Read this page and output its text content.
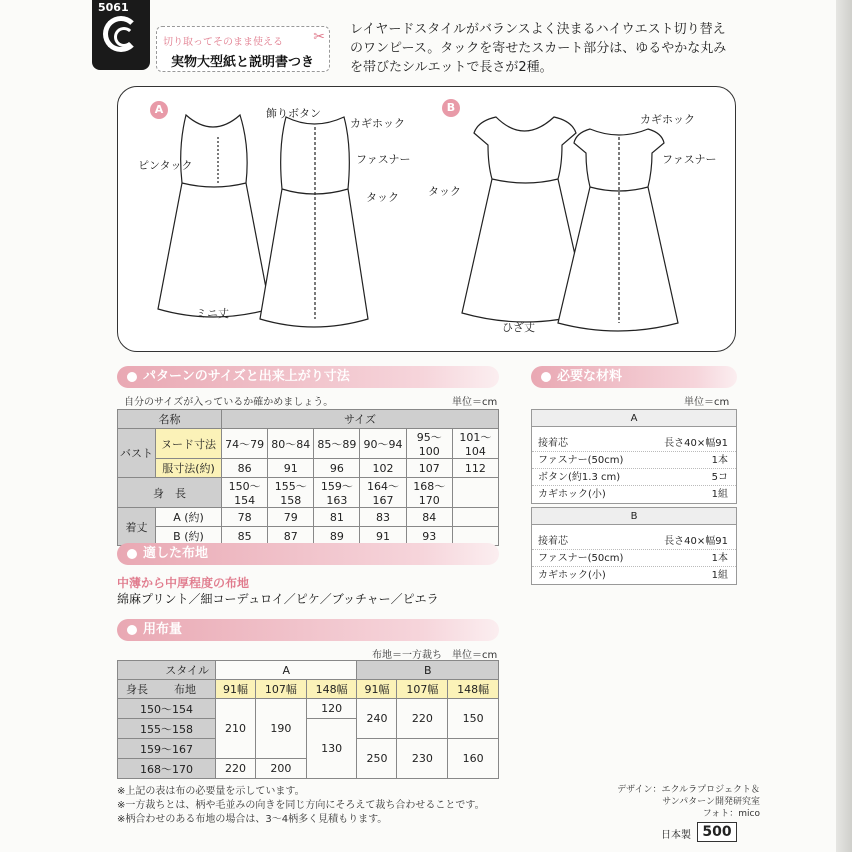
5061
切り取ってそのまま使える
実物大型紙と説明書つき
✂ レイヤードスタイルがバランスよく決まるハイウエスト切り替えのワンピース。タックを寄せたスカート部分は、ゆるやかな丸みを帯びたシルエットで長さが2種。
A	B
飾りボタン
ピンタック
ミニ丈
カギホック
ファスナー
タック	タック
ひざ丈
カギホック
ファスナー
パターンのサイズと出来上がり寸法
自分のサイズが入っているか確かめましょう。	単位＝cm
名称		サイズ					
バスト	ヌード寸法	74〜79	80〜84	85〜89	90〜94	95〜100	101〜104
	服寸法(約)	86	91	96	102	107	112
身　長		150〜154	155〜158	159〜163	164〜167	168〜170	
着丈	A (約)	78	79	81	83	84	
	B (約)	85	87	89	91	93	
必要な材料
単位＝cm
A
接着芯	長さ40×幅91
ファスナー(50cm)	1本
ボタン(約1.3 cm)	5コ
カギホック(小)	1組
B
接着芯	長さ40×幅91
ファスナー(50cm)	1本
カギホック(小)	1組
適した布地
中薄から中厚程度の布地
綿麻プリント／細コーデュロイ／ピケ／ブッチャー／ピエラ
用布量
布地＝一方裁ち　単位＝cm
スタイル	A			B		
身長 布地	91幅	107幅	148幅	91幅	107幅	148幅
150〜154	210	190	120	240	220	150
155〜158			130			
159〜167				250	230	160
168〜170	220	200				
※上記の表は布の必要量を示しています。
※一方裁ちとは、柄や毛並みの向きを同じ方向にそろえて裁ち合わせることです。
※柄合わせのある布地の場合は、3〜4柄多く見積もります。
デザイン：エクルラプロジェクト＆
サンパターン開発研究室
フォト：mico
日本製 500
